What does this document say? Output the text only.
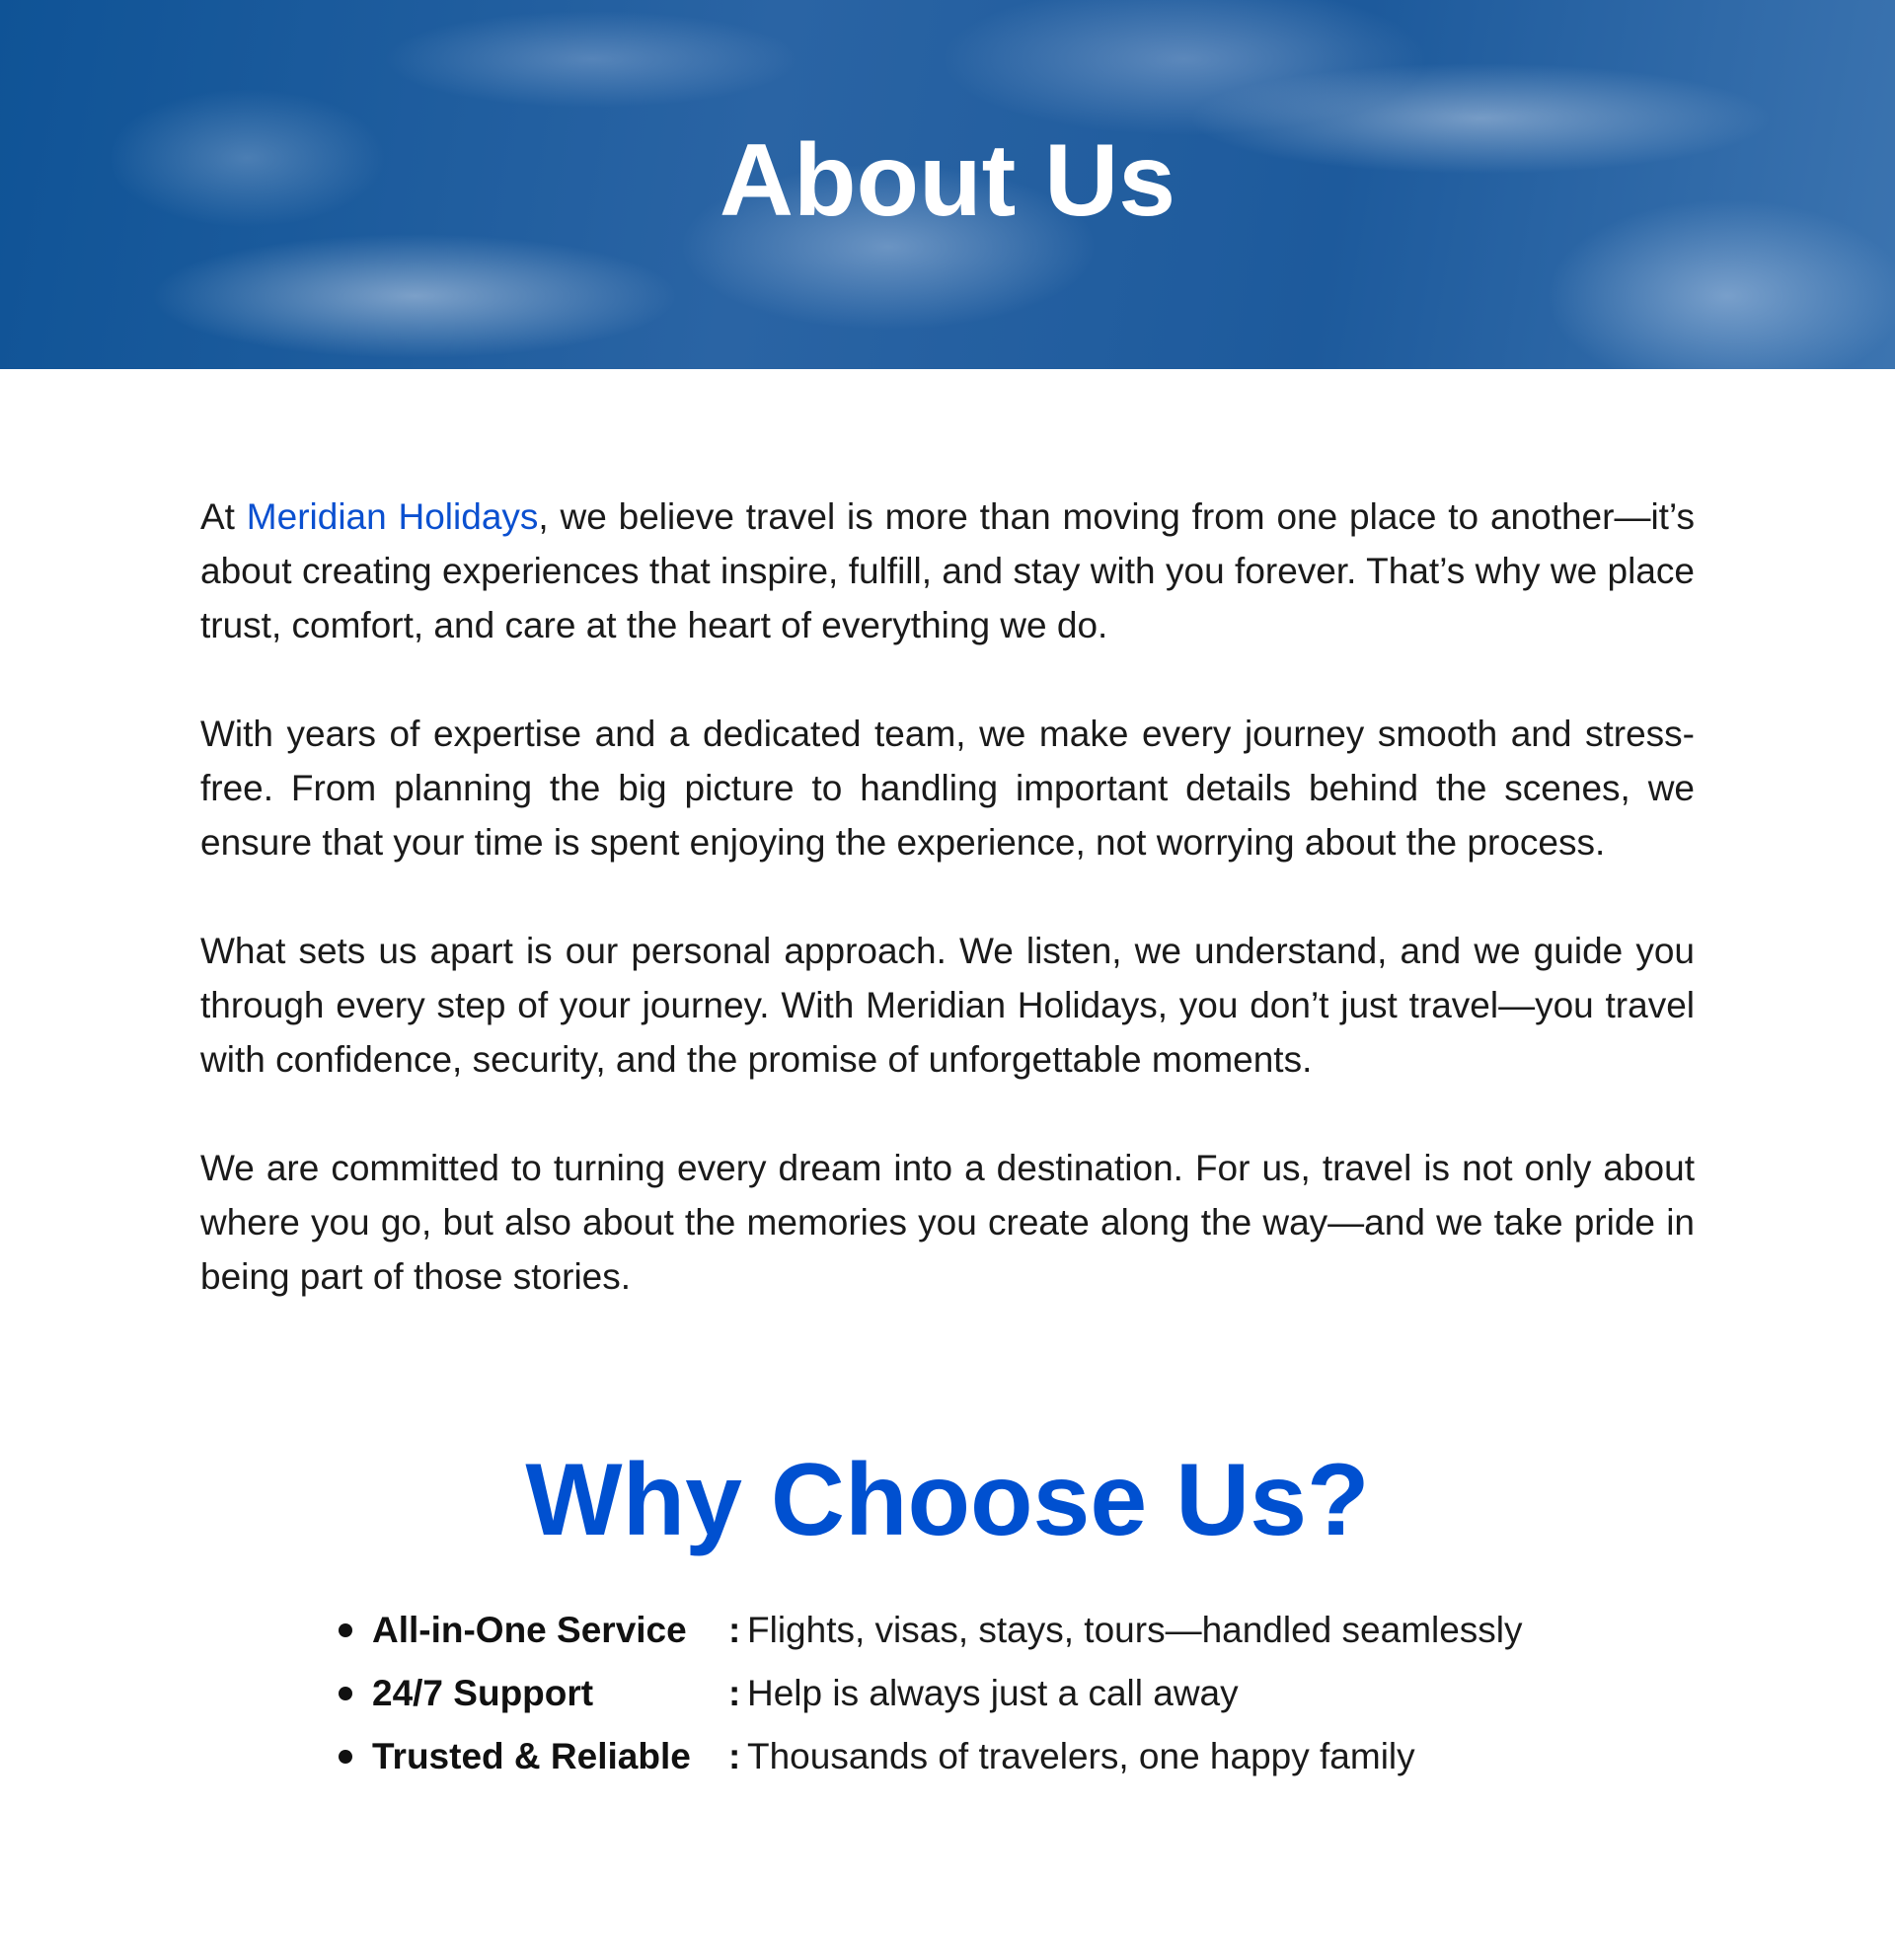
About Us

At Meridian Holidays, we believe travel is more than moving from one place to another—it’s about creating experiences that inspire, fulfill, and stay with you forever. That’s why we place trust, comfort, and care at the heart of everything we do.

With years of expertise and a dedicated team, we make every journey smooth and stress-free. From planning the big picture to handling important details behind the scenes, we ensure that your time is spent enjoying the experience, not worrying about the process.

What sets us apart is our personal approach. We listen, we understand, and we guide you through every step of your journey. With Meridian Holidays, you don’t just travel—you travel with confidence, security, and the promise of unforgettable moments.

We are committed to turning every dream into a destination. For us, travel is not only about where you go, but also about the memories you create along the way—and we take pride in being part of those stories.

Why Choose Us?
All-in-One Service : Flights, visas, stays, tours—handled seamlessly
24/7 Support	: Help is always just a call away
Trusted & Reliable : Thousands of travelers, one happy family
